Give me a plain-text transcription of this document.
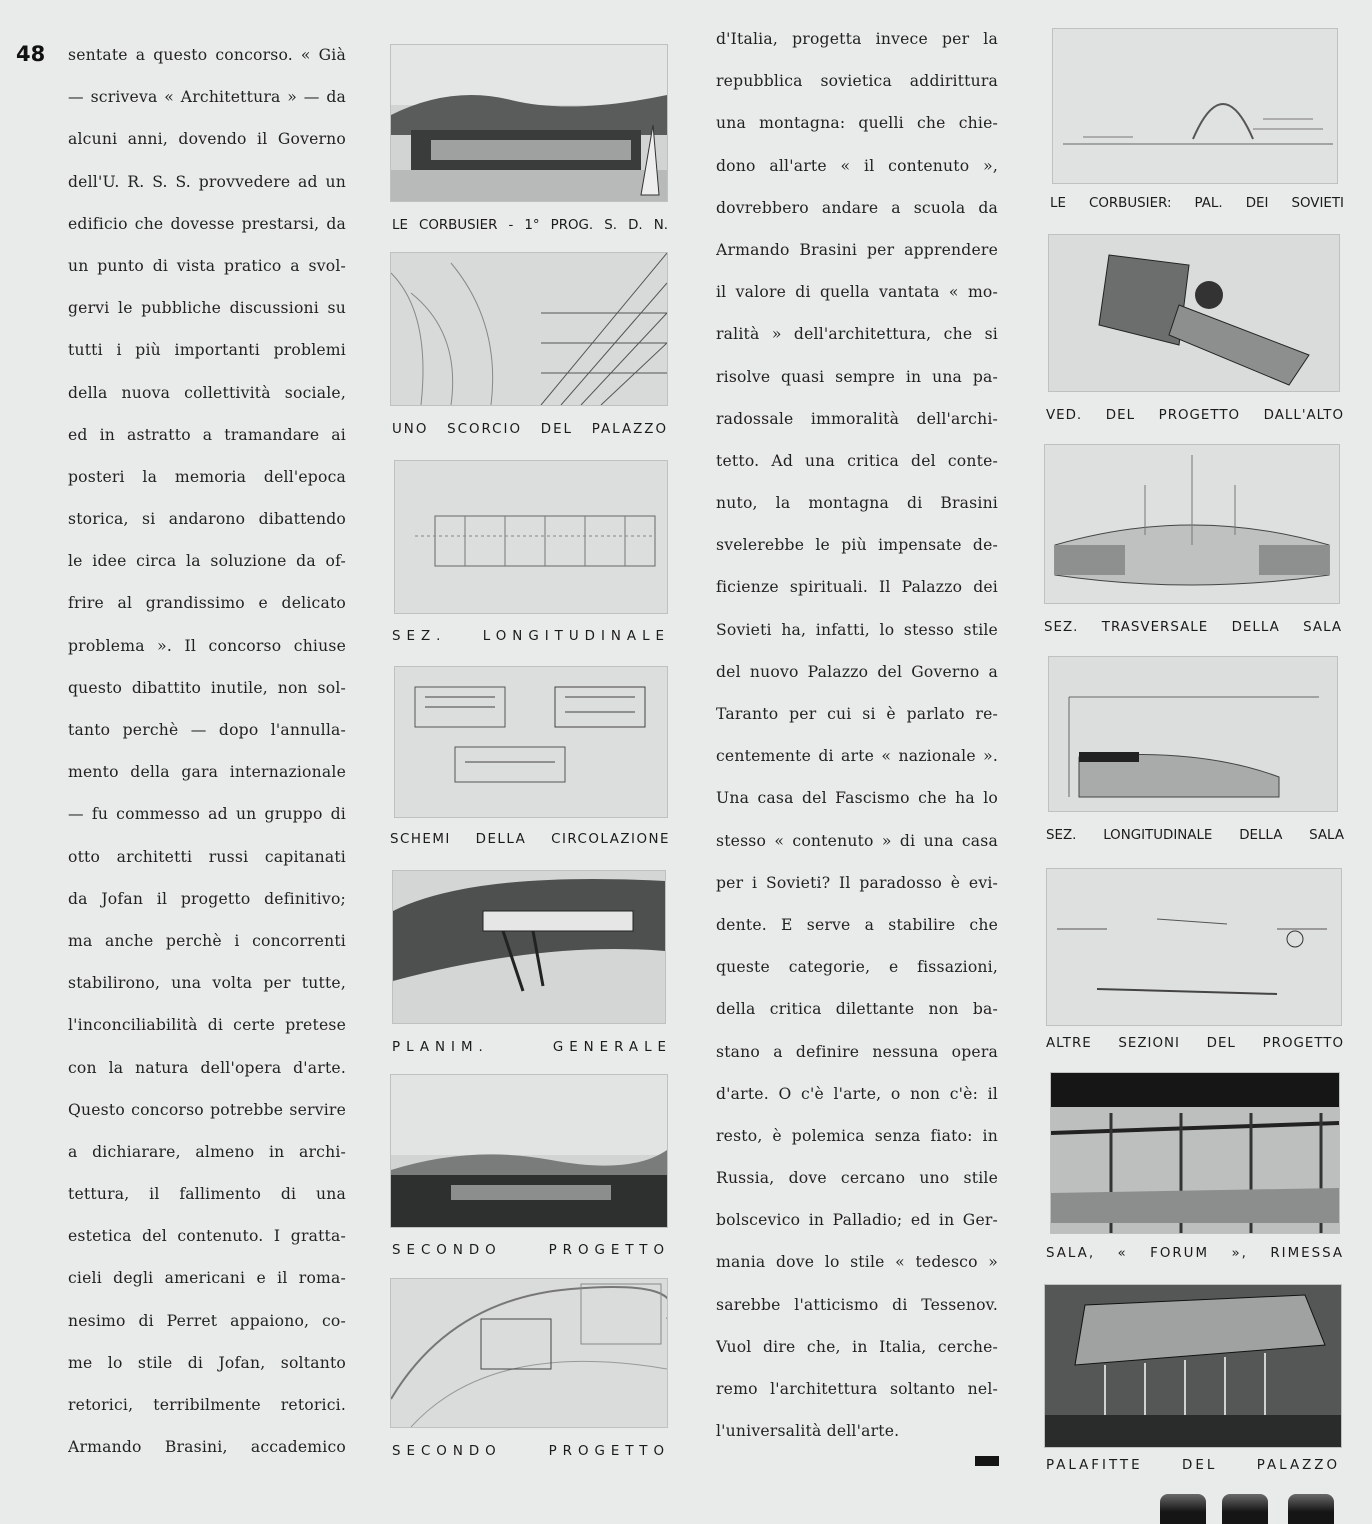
48 sentate a questo concorso. « Già
— scriveva « Architettura » — da
alcuni anni, dovendo il Governo
dell'U. R. S. S. provvedere ad un
edificio che dovesse prestarsi, da
un punto di vista pratico a svol-
gervi le pubbliche discussioni su
tutti i più importanti problemi
della nuova collettività sociale,
ed in astratto a tramandare ai
posteri la memoria dell'epoca
storica, si andarono dibattendo
le idee circa la soluzione da of-
frire al grandissimo e delicato
problema ». Il concorso chiuse
questo dibattito inutile, non sol-
tanto perchè — dopo l'annulla-
mento della gara internazionale
— fu commesso ad un gruppo di
otto architetti russi capitanati
da Jofan il progetto definitivo;
ma anche perchè i concorrenti
stabilirono, una volta per tutte,
l'inconciliabilità di certe pretese
con la natura dell'opera d'arte.
Questo concorso potrebbe servire
a dichiarare, almeno in archi-
tettura, il fallimento di una
estetica del contenuto. I gratta-
cieli degli americani e il roma-
nesimo di Perret appaiono, co-
me lo stile di Jofan, soltanto
retorici, terribilmente retorici.
Armando Brasini, accademico
d'Italia, progetta invece per la
repubblica sovietica addirittura
una montagna: quelli che chie-
dono all'arte « il contenuto »,
dovrebbero andare a scuola da
Armando Brasini per apprendere
il valore di quella vantata « mo-
ralità » dell'architettura, che si
risolve quasi sempre in una pa-
radossale immoralità dell'archi-
tetto. Ad una critica del conte-
nuto, la montagna di Brasini
svelerebbe le più impensate de-
ficienze spirituali. Il Palazzo dei
Sovieti ha, infatti, lo stesso stile
del nuovo Palazzo del Governo a
Taranto per cui si è parlato re-
centemente di arte « nazionale ».
Una casa del Fascismo che ha lo
stesso « contenuto » di una casa
per i Sovieti? Il paradosso è evi-
dente. E serve a stabilire che
queste categorie, e fissazioni,
della critica dilettante non ba-
stano a definire nessuna opera
d'arte. O c'è l'arte, o non c'è: il
resto, è polemica senza fiato: in
Russia, dove cercano uno stile
bolscevico in Palladio; ed in Ger-
mania dove lo stile « tedesco »
sarebbe l'atticismo di Tessenov.
Vuol dire che, in Italia, cerche-
remo l'architettura soltanto nel-
l'universalità dell'arte.
LE CORBUSIER - 1° PROG. S. D. N.
UNO SCORCIO DEL PALAZZO
SEZ. LONGITUDINALE
SCHEMI DELLA CIRCOLAZIONE
PLANIM. GENERALE
SECONDO PROGETTO
SECONDO PROGETTO
LE CORBUSIER: PAL. DEI SOVIETI
VED. DEL PROGETTO DALL'ALTO
SEZ. TRASVERSALE DELLA SALA
SEZ. LONGITUDINALE DELLA SALA
ALTRE SEZIONI DEL PROGETTO
SALA, « FORUM », RIMESSA
PALAFITTE DEL PALAZZO
